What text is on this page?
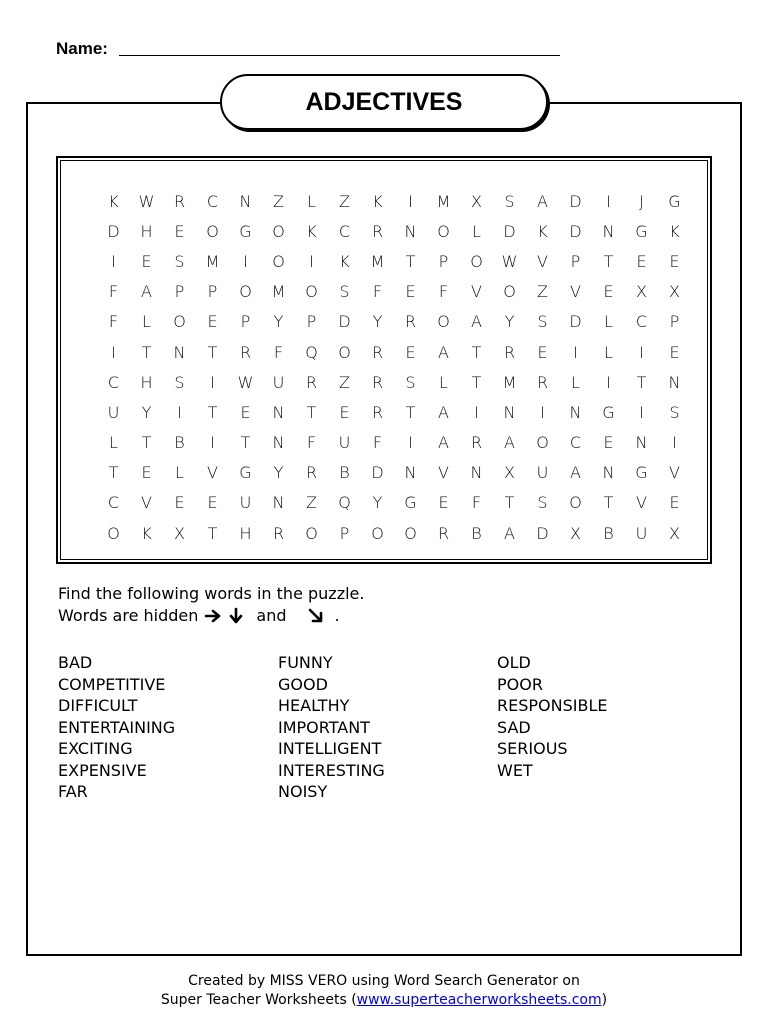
Name:
ADJECTIVES
K	W	R	C	N	Z	L	Z	K	I	M	X	S	A	D	I	J	G
D	H	E	O	G	O	K	C	R	N	O	L	D	K	D	N	G	K
I	E	S	M	I	O	I	K	M	T	P	O	W	V	P	T	E	E
F	A	P	P	O	M	O	S	F	E	F	V	O	Z	V	E	X	X
F	L	O	E	P	Y	P	D	Y	R	O	A	Y	S	D	L	C	P
I	T	N	T	R	F	Q	O	R	E	A	T	R	E	I	L	I	E
C	H	S	I	W	U	R	Z	R	S	L	T	M	R	L	I	T	N
U	Y	I	T	E	N	T	E	R	T	A	I	N	I	N	G	I	S
L	T	B	I	T	N	F	U	F	I	A	R	A	O	C	E	N	I
T	E	L	V	G	Y	R	B	D	N	V	N	X	U	A	N	G	V
C	V	E	E	U	N	Z	Q	Y	G	E	F	T	S	O	T	V	E
O	K	X	T	H	R	O	P	O	O	R	B	A	D	X	B	U	X
Find the following words in the puzzle.
Words are hidden	and	.
BAD
COMPETITIVE
DIFFICULT
ENTERTAINING
EXCITING
EXPENSIVE
FAR
FUNNY
GOOD
HEALTHY
IMPORTANT
INTELLIGENT
INTERESTING
NOISY
OLD
POOR
RESPONSIBLE
SAD
SERIOUS
WET
Created by MISS VERO using Word Search Generator on
Super Teacher Worksheets (www.superteacherworksheets.com)
